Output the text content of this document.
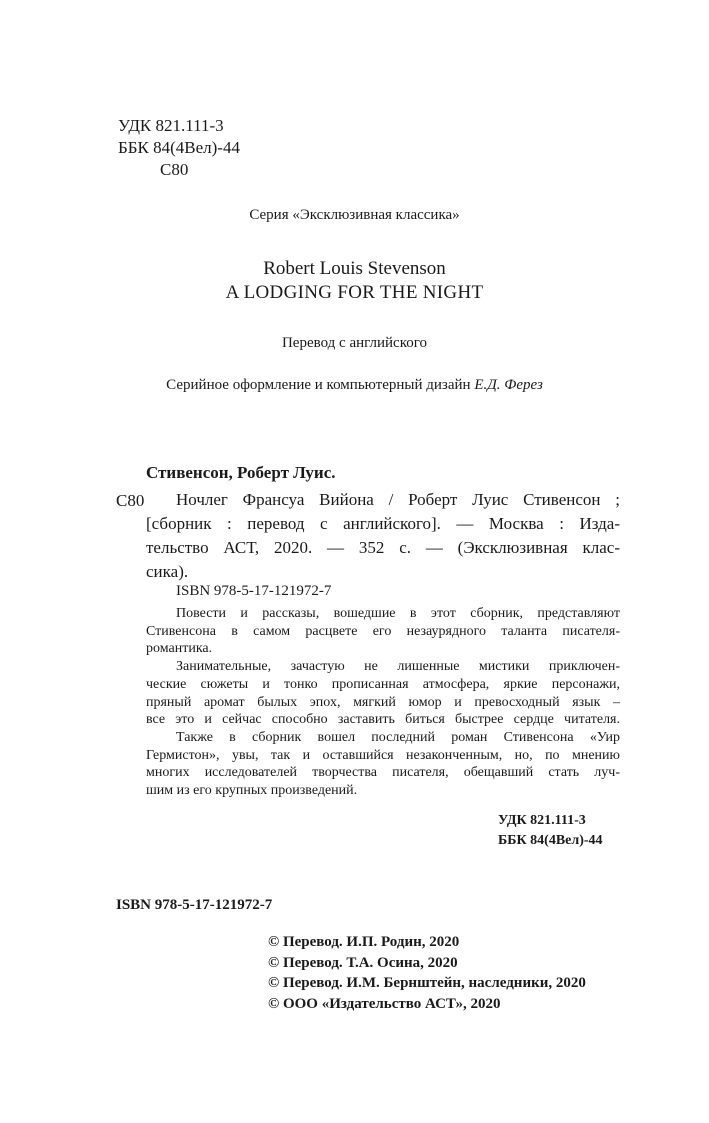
УДК 821.111-3
ББК 84(4Вел)-44
С80
Серия «Эксклюзивная классика»
Robert Louis Stevenson
A LODGING FOR THE NIGHT
Перевод с английского
Серийное оформление и компьютерный дизайн Е.Д. Ферез
Стивенсон, Роберт Луис.
С80	Ночлег Франсуа Вийона / Роберт Луис Стивенсон ;
[сборник : перевод с английского]. — Москва : Изда-
тельство АСТ, 2020. — 352 с. — (Эксклюзивная клас-
сика).
ISBN 978-5-17-121972-7
Повести и рассказы, вошедшие в этот сборник, представляют
Стивенсона в самом расцвете его незаурядного таланта писателя-
романтика.
Занимательные, зачастую не лишенные мистики приключен-
ческие сюжеты и тонко прописанная атмосфера, яркие персонажи,
пряный аромат былых эпох, мягкий юмор и превосходный язык –
все это и сейчас способно заставить биться быстрее сердце читателя.
Также в сборник вошел последний роман Стивенсона «Уир
Гермистон», увы, так и оставшийся незаконченным, но, по мнению
многих исследователей творчества писателя, обещавший стать луч-
шим из его крупных произведений.
УДК 821.111-3
ББК 84(4Вел)-44
ISBN 978-5-17-121972-7
© Перевод. И.П. Родин, 2020
© Перевод. Т.А. Осина, 2020
© Перевод. И.М. Бернштейн, наследники, 2020
© ООО «Издательство АСТ», 2020
